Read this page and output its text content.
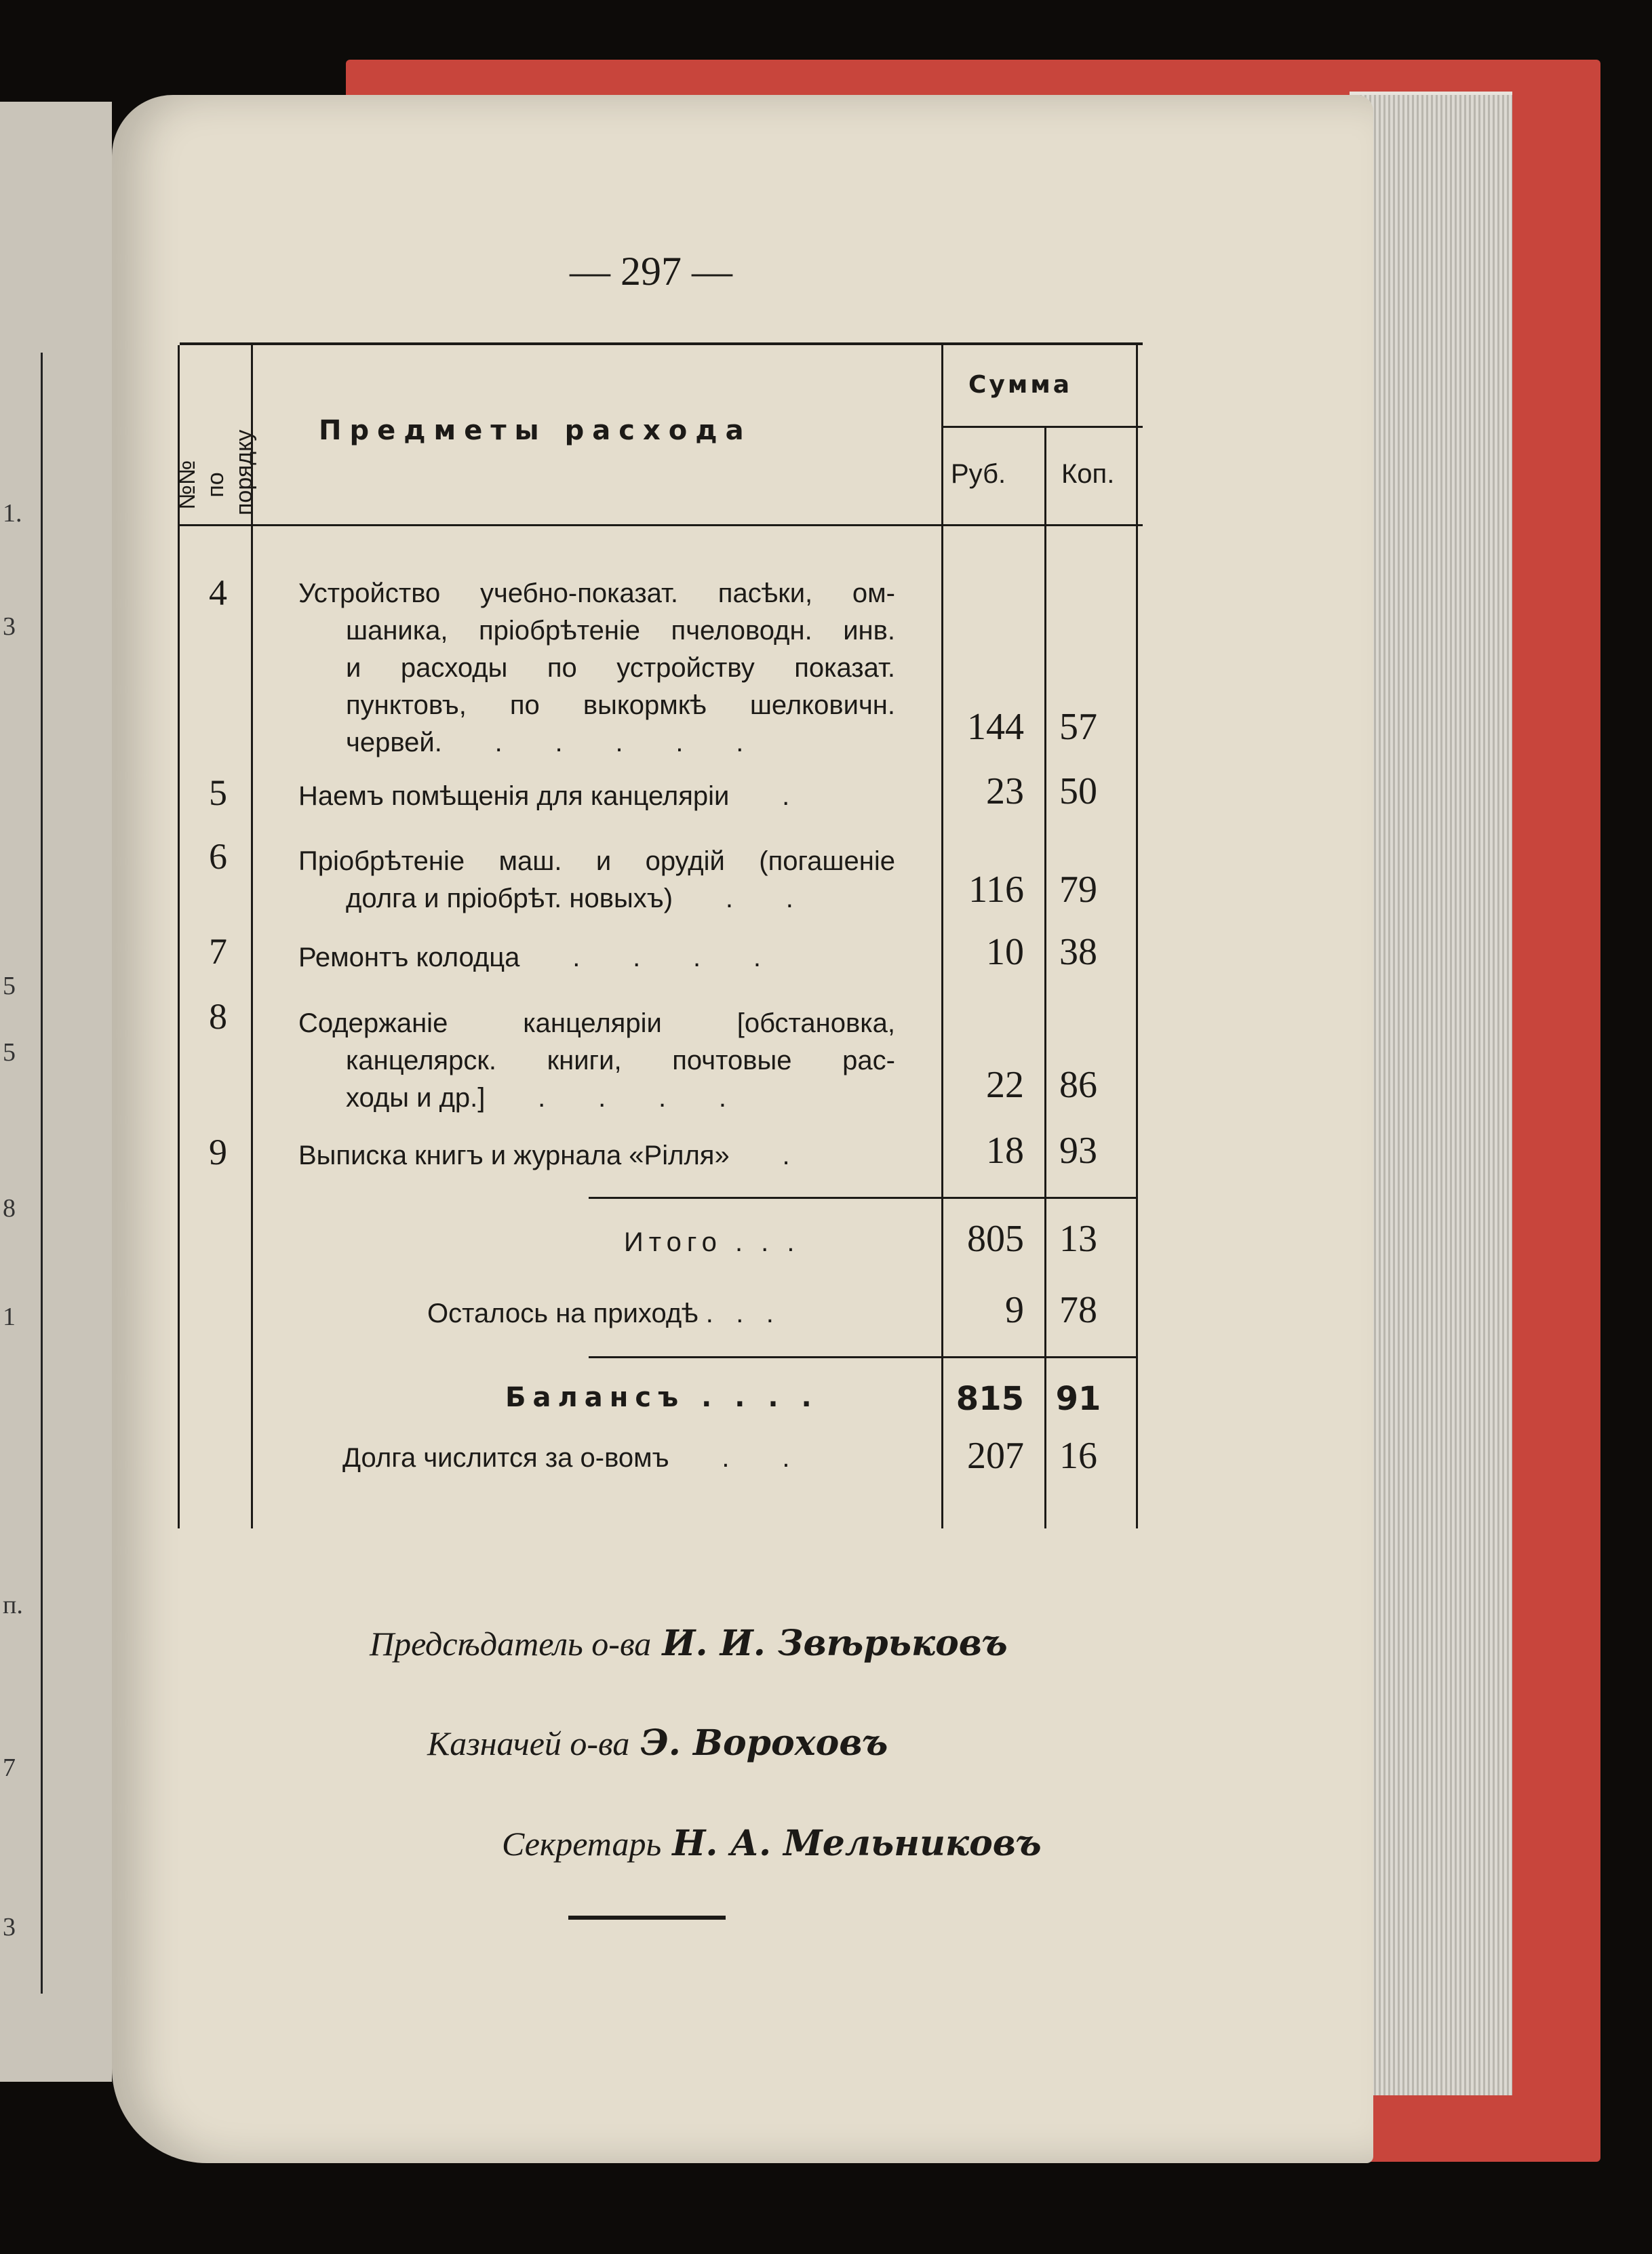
1.
3
5
5
8
1
п.
7
3
— 297 —
№№ по порядку Предметы расхода
Сумма
Руб. Коп.
4	Устройство учебно-показат. пасѣки, ом-
шаника, пріобрѣтеніе пчеловодн. инв.
и расходы по устройству показат.
пунктовъ, по выкормкѣ шелковичн.
червей.       .       .       .       .       .	144 57
5	Наемъ помѣщенія для канцеляріи       .	23 50
6	Пріобрѣтеніе маш. и орудій (погашеніе
долга и пріобрѣт. новыхъ)       .       .	116 79
7	Ремонтъ колодца       .       .       .       .	10 38
8	Содержаніе канцеляріи [обстановка,
канцелярск. книги, почтовые рас-
ходы и др.]       .       .       .       .	22 86
9	Выписка книгъ и журнала «Рілля»       .	18 93
Итого . . .	805 13
Осталось на приходѣ .   .   .	9 78
Балансъ . . . .	815 91
Долга числится за о-вомъ       .       .	207 16

Предсѣдатель о-ва И. И. Звѣрьковъ

Казначей о-ва Э. Вороховъ

Секретарь Н. А. Мельниковъ
